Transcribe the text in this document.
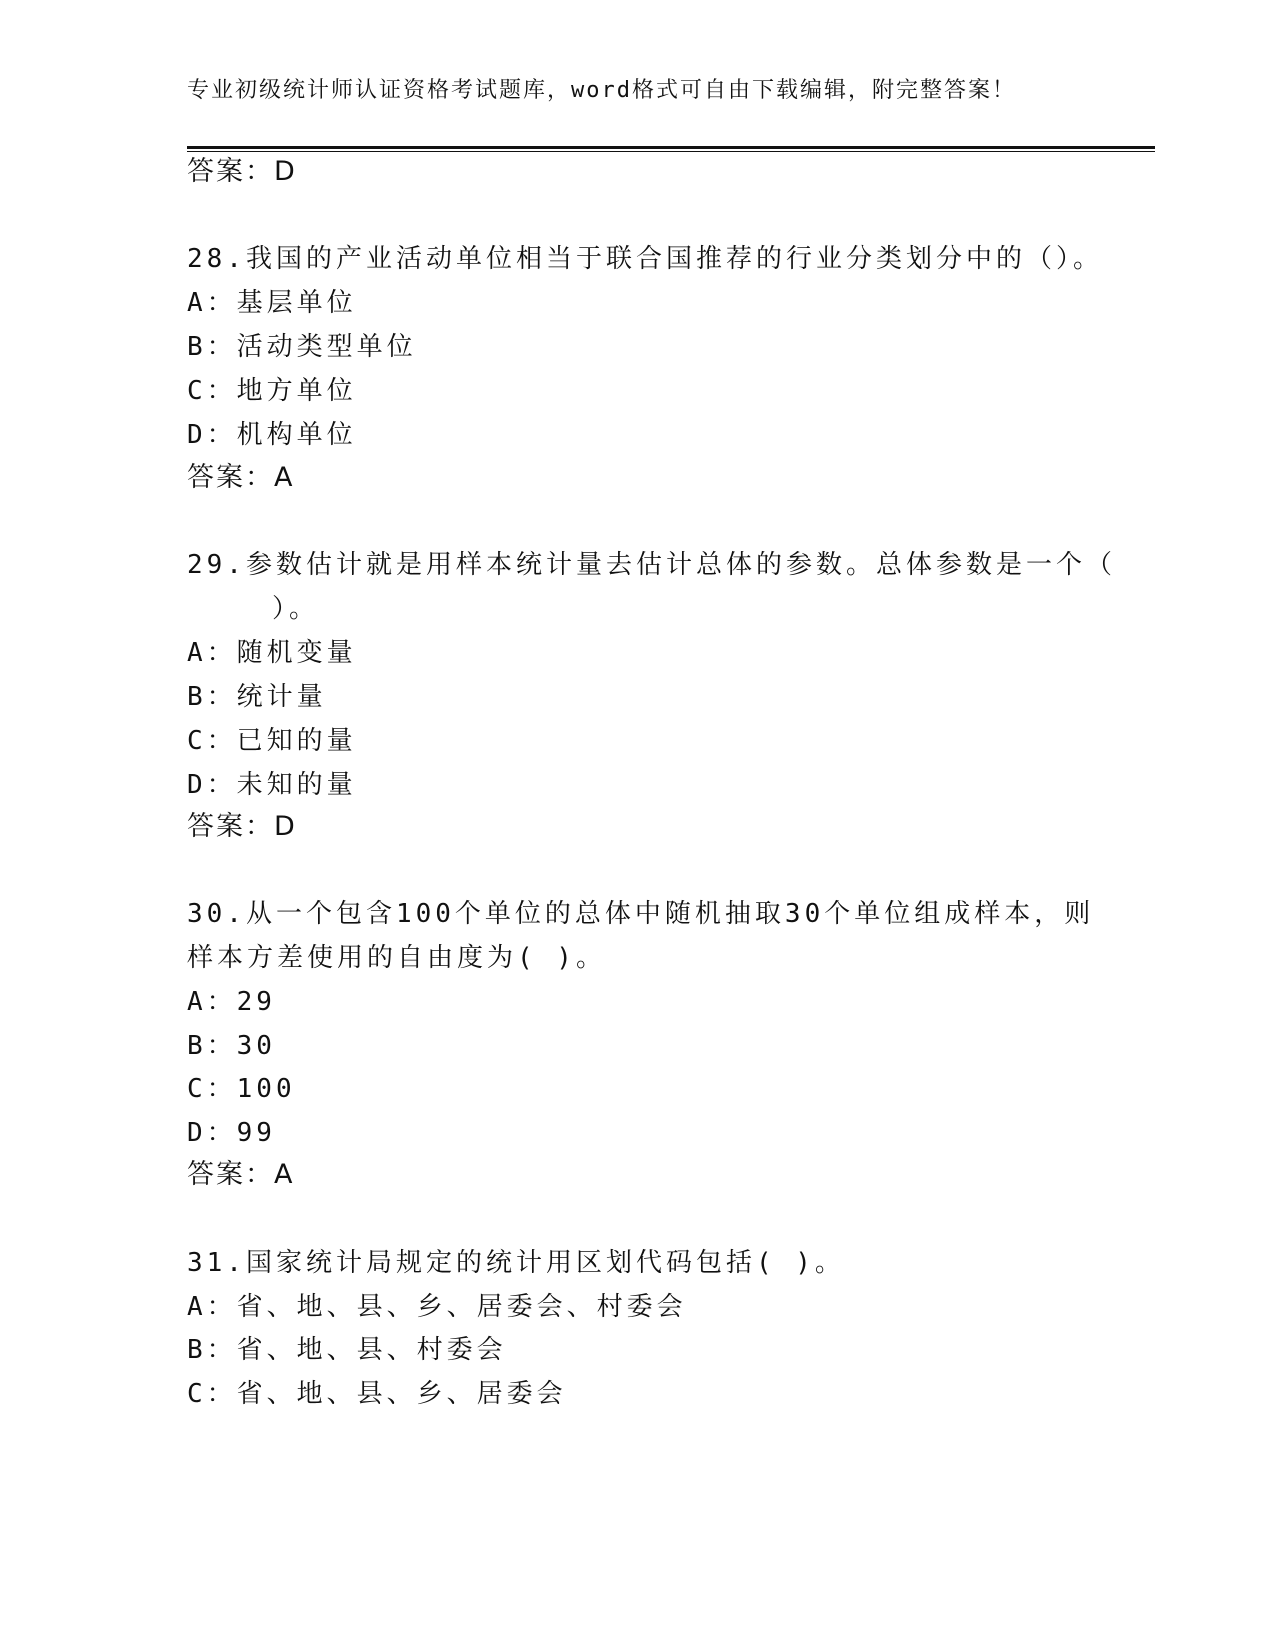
专业初级统计师认证资格考试题库，word格式可自由下载编辑，附完整答案！
答案：D
28.我国的产业活动单位相当于联合国推荐的行业分类划分中的（）。
A：基层单位
B：活动类型单位
C：地方单位
D：机构单位
答案：A
29.参数估计就是用样本统计量去估计总体的参数。总体参数是一个（
）。
A：随机变量
B：统计量
C：已知的量
D：未知的量
答案：D
30.从一个包含100个单位的总体中随机抽取30个单位组成样本，则
样本方差使用的自由度为( )。
A：29
B：30
C：100
D：99
答案：A
31.国家统计局规定的统计用区划代码包括( )。
A：省、地、县、乡、居委会、村委会
B：省、地、县、村委会
C：省、地、县、乡、居委会
